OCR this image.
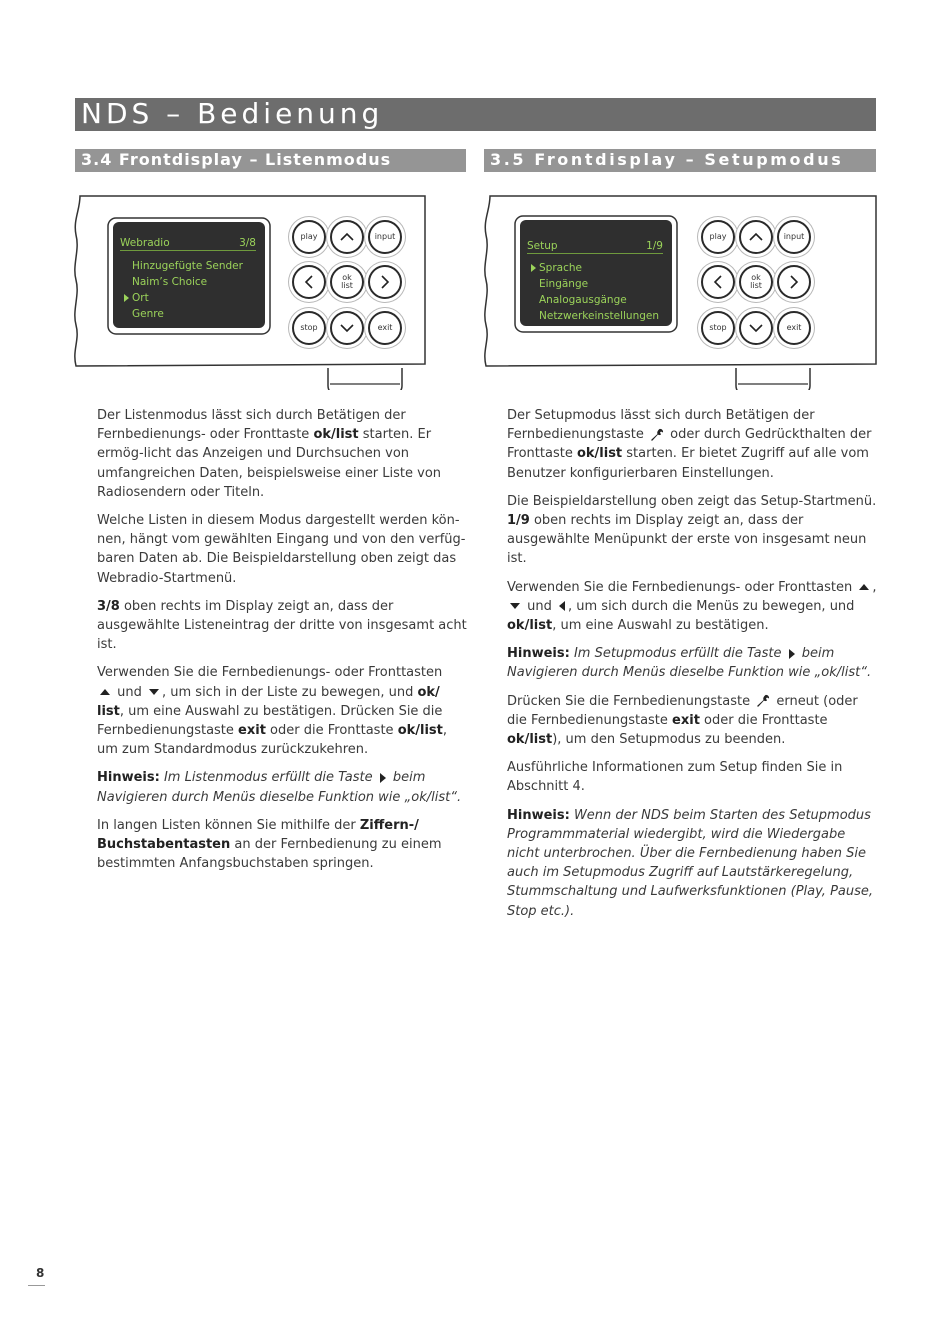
NDS – Bedienung
3.4 Frontdisplay – Listenmodus	3.5 Frontdisplay – Setupmodus
Webradio	3/8
Hinzugefügte Sender
Naim’s Choice
Ort
Genre
play	input
ok
list
stop	exit
Setup	1/9
Sprache
Eingänge
Analogausgänge
Netzwerkeinstellungen
play	input
ok
list
stop	exit

Der Listenmodus lässt sich durch Betätigen der Fernbedienungs- oder Fronttaste ok/list starten. Er ermög-licht das Anzeigen und Durchsuchen von umfangreichen Daten, beispielsweise einer Liste von Radiosendern oder Titeln.

Welche Listen in diesem Modus dargestellt werden kön-nen, hängt vom gewählten Eingang und von den verfüg-baren Daten ab. Die Beispieldarstellung oben zeigt das Webradio-Startmenü.

3/8 oben rechts im Display zeigt an, dass der ausgewählte Listeneintrag der dritte von insgesamt acht ist.

Verwenden Sie die Fernbedienungs- oder Fronttasten
und , um sich in der Liste zu bewegen, und ok/ list, um eine Auswahl zu bestätigen. Drücken Sie die Fernbedienungstaste exit oder die Fronttaste ok/list, um zum Standardmodus zurückzukehren.

Hinweis: Im Listenmodus erfüllt die Taste  beim Navigieren durch Menüs dieselbe Funktion wie „ok/list“.

In langen Listen können Sie mithilfe der Ziffern-/ Buchstabentasten an der Fernbedienung zu einem bestimmten Anfangsbuchstaben springen.

Der Setupmodus lässt sich durch Betätigen der Fernbedienungstaste  oder durch Gedrückthalten der Fronttaste ok/list starten. Er bietet Zugriff auf alle vom Benutzer konfigurierbaren Einstellungen.

Die Beispieldarstellung oben zeigt das Setup-Startmenü. 1/9 oben rechts im Display zeigt an, dass der ausgewählte Menüpunkt der erste von insgesamt neun ist.

Verwenden Sie die Fernbedienungs- oder Fronttasten ,  und , um sich durch die Menüs zu bewegen, und ok/list, um eine Auswahl zu bestätigen.

Hinweis: Im Setupmodus erfüllt die Taste  beim Navigieren durch Menüs dieselbe Funktion wie „ok/list“.

Drücken Sie die Fernbedienungstaste  erneut (oder die Fernbedienungstaste exit oder die Fronttaste ok/list), um den Setupmodus zu beenden.

Ausführliche Informationen zum Setup finden Sie in Abschnitt 4.

Hinweis: Wenn der NDS beim Starten des Setupmodus Programmmaterial wiedergibt, wird die Wiedergabe nicht unterbrochen. Über die Fernbedienung haben Sie auch im Setupmodus Zugriff auf Lautstärkeregelung, Stummschaltung und Laufwerksfunktionen (Play, Pause, Stop etc.).

8
